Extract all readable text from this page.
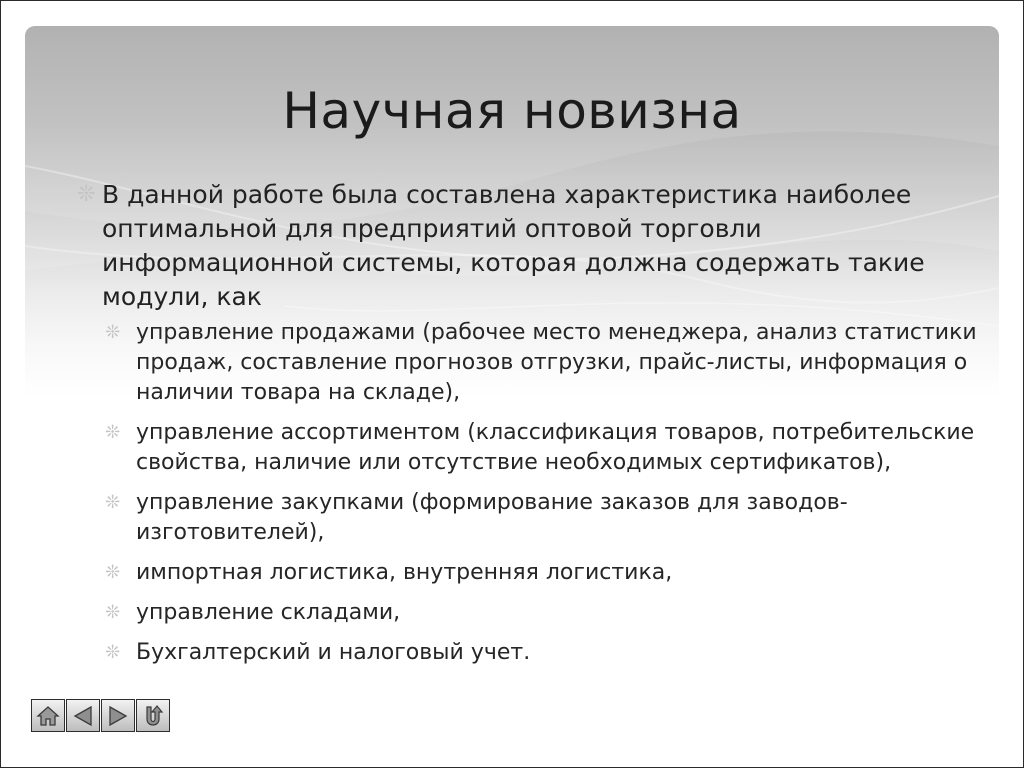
Научная новизна
❊ В данной работе была составлена характеристика наиболее оптимальной для предприятий оптовой торговли информационной системы, которая должна содержать такие модули, как
❊ управление продажами (рабочее место менеджера, анализ статистики продаж, составление прогнозов отгрузки, прайс-листы, информация о наличии товара на складе),
❊ управление ассортиментом (классификация товаров, потребительские свойства, наличие или отсутствие необходимых сертификатов),
❊ управление закупками (формирование заказов для заводов-изготовителей),
❊ импортная логистика, внутренняя логистика,
❊ управление складами,
❊ Бухгалтерский и налоговый учет.
